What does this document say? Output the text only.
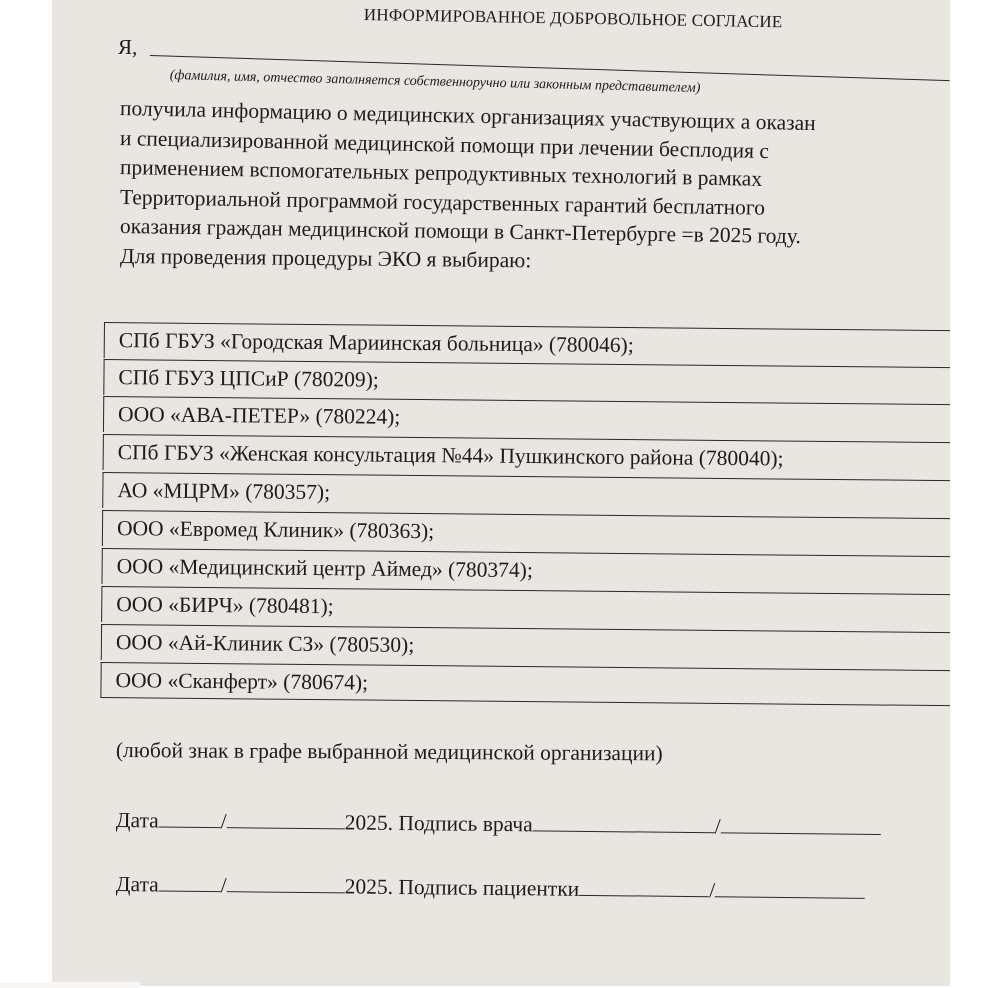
ИНФОРМИРОВАННОЕ ДОБРОВОЛЬНОЕ СОГЛАСИЕ
Я,
(фамилия, имя, отчество заполняется собственноручно или законным представителем)
получила информацию о медицинских организациях участвующих а оказан
и специализированной медицинской помощи при лечении бесплодия с
применением вспомогательных репродуктивных технологий в рамках
Территориальной программой государственных гарантий бесплатного
оказания граждан медицинской помощи в Санкт-Петербурге =в 2025 году.
Для проведения процедуры ЭКО я выбираю:
СПб ГБУЗ «Городская Мариинская больница» (780046);
СПб ГБУЗ ЦПСиР (780209);
ООО «АВА-ПЕТЕР» (780224);
СПб ГБУЗ «Женская консультация №44» Пушкинского района (780040);
АО «МЦРМ» (780357);
ООО «Евромед Клиник» (780363);
ООО «Медицинский центр Аймед» (780374);
ООО «БИРЧ» (780481);
ООО «Ай-Клиник СЗ» (780530);
ООО «Сканферт» (780674);
(любой знак в графе выбранной медицинской организации)
Дата	/	2025. Подпись врача	/
Дата	/	2025. Подпись пациентки	/
